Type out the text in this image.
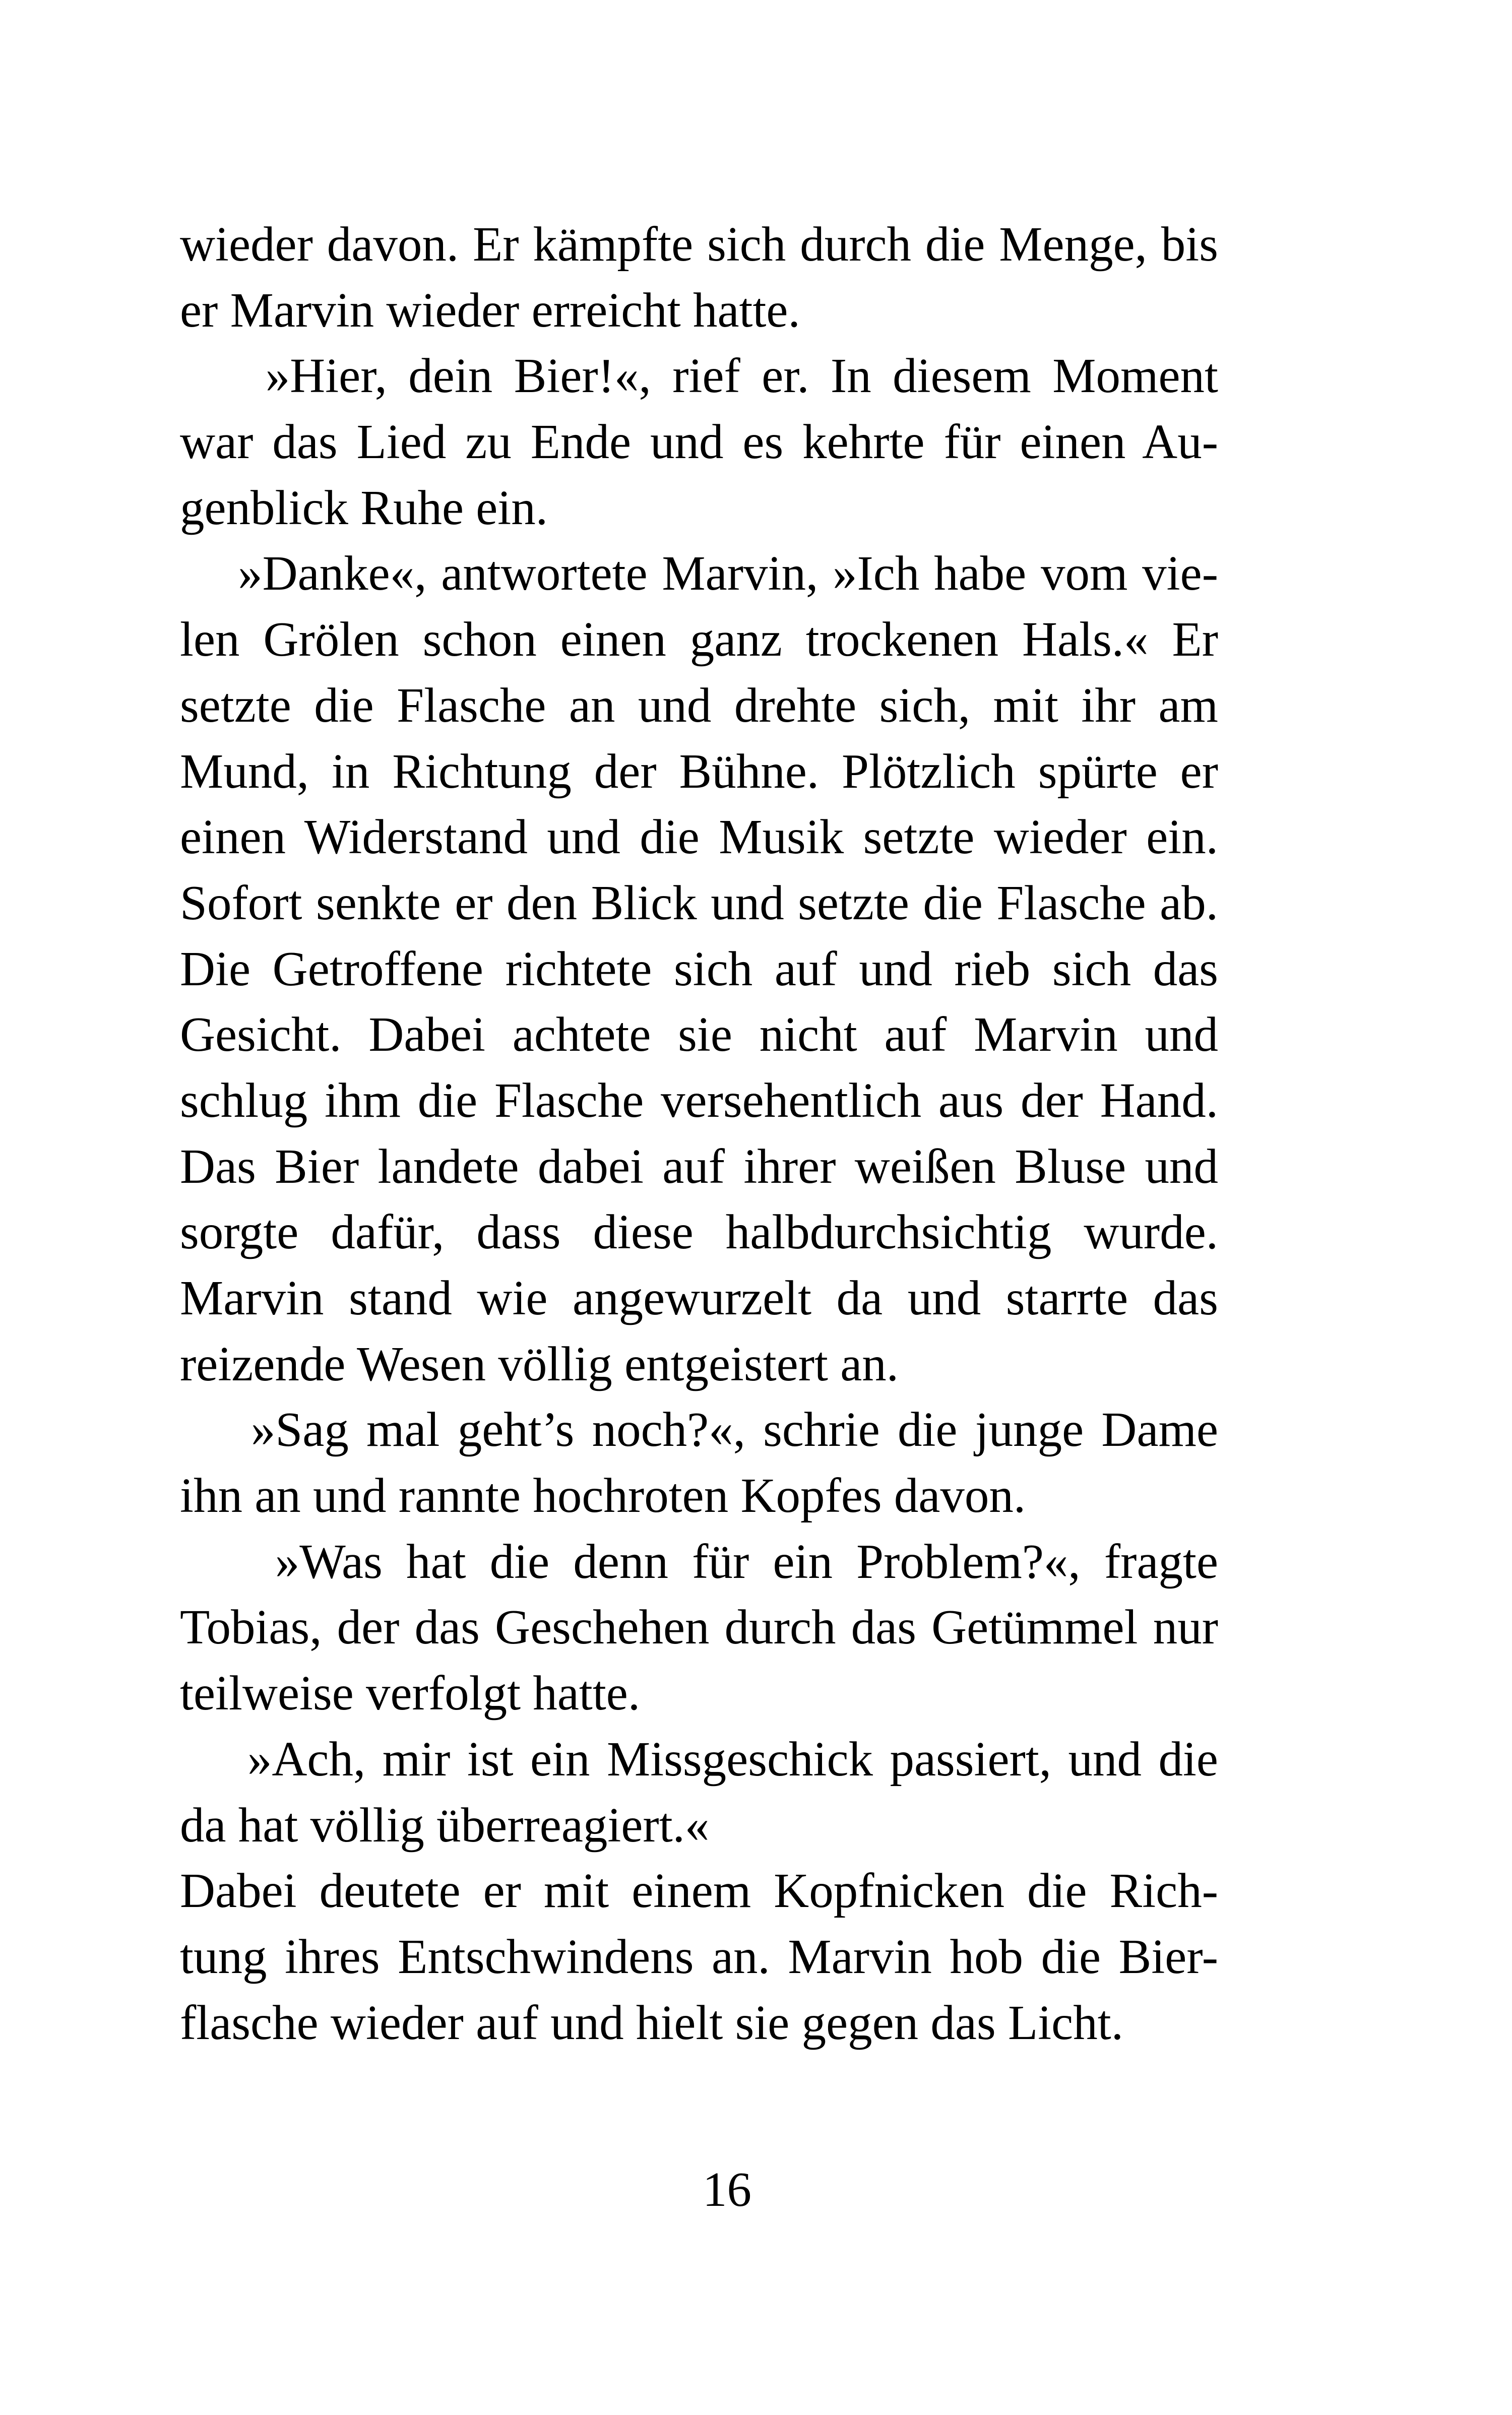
wieder davon. Er kämpfte sich durch die Menge, bis
er Marvin wieder erreicht hatte.
»Hier, dein Bier!«, rief er. In diesem Moment
war das Lied zu Ende und es kehrte für einen Au-
genblick Ruhe ein.
»Danke«, antwortete Marvin, »Ich habe vom vie-
len Grölen schon einen ganz trockenen Hals.« Er
setzte die Flasche an und drehte sich, mit ihr am
Mund, in Richtung der Bühne. Plötzlich spürte er
einen Widerstand und die Musik setzte wieder ein.
Sofort senkte er den Blick und setzte die Flasche ab.
Die Getroffene richtete sich auf und rieb sich das
Gesicht. Dabei achtete sie nicht auf Marvin und
schlug ihm die Flasche versehentlich aus der Hand.
Das Bier landete dabei auf ihrer weißen Bluse und
sorgte dafür, dass diese halbdurchsichtig wurde.
Marvin stand wie angewurzelt da und starrte das
reizende Wesen völlig entgeistert an.
»Sag mal geht’s noch?«, schrie die junge Dame
ihn an und rannte hochroten Kopfes davon.
»Was hat die denn für ein Problem?«, fragte
Tobias, der das Geschehen durch das Getümmel nur
teilweise verfolgt hatte.
»Ach, mir ist ein Missgeschick passiert, und die
da hat völlig überreagiert.«
Dabei deutete er mit einem Kopfnicken die Rich-
tung ihres Entschwindens an. Marvin hob die Bier-
flasche wieder auf und hielt sie gegen das Licht.
16
